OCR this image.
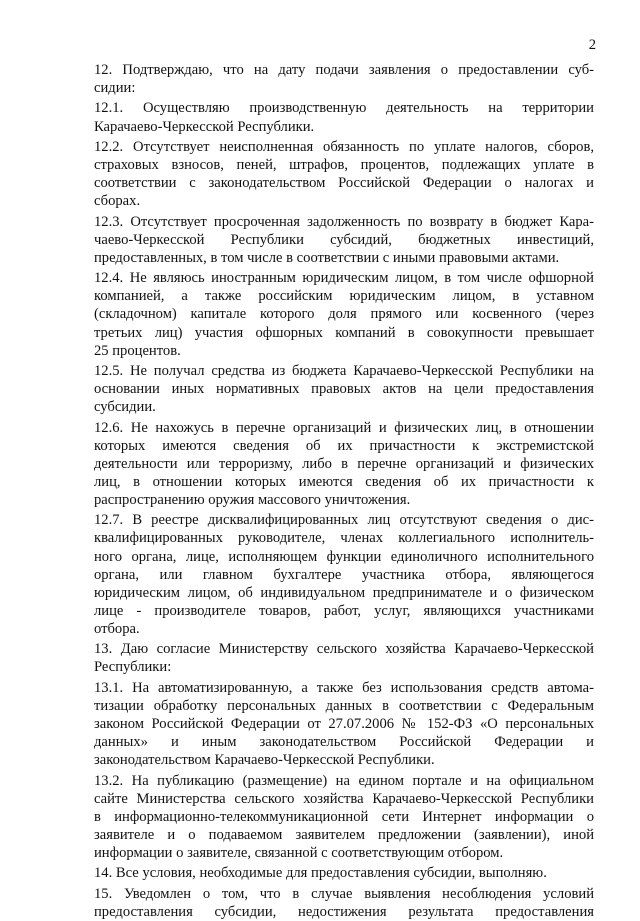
2
12. Подтверждаю, что на дату подачи заявления о предоставлении суб-
сидии:
12.1. Осуществляю производственную деятельность на территории
Карачаево-Черкесской Республики.
12.2. Отсутствует неисполненная обязанность по уплате налогов, сборов,
страховых взносов, пеней, штрафов, процентов, подлежащих уплате в
соответствии с законодательством Российской Федерации о налогах и
сборах.
12.3. Отсутствует просроченная задолженность по возврату в бюджет Кара-
чаево-Черкесской Республики субсидий, бюджетных инвестиций,
предоставленных, в том числе в соответствии с иными правовыми актами.
12.4. Не являюсь иностранным юридическим лицом, в том числе офшорной
компанией, а также российским юридическим лицом, в уставном
(складочном) капитале которого доля прямого или косвенного (через
третьих лиц) участия офшорных компаний в совокупности превышает
25 процентов.
12.5. Не получал средства из бюджета Карачаево-Черкесской Республики на
основании иных нормативных правовых актов на цели предоставления
субсидии.
12.6. Не нахожусь в перечне организаций и физических лиц, в отношении
которых имеются сведения об их причастности к экстремистской
деятельности или терроризму, либо в перечне организаций и физических
лиц, в отношении которых имеются сведения об их причастности к
распространению оружия массового уничтожения.
12.7. В реестре дисквалифицированных лиц отсутствуют сведения о дис-
квалифицированных руководителе, членах коллегиального исполнитель-
ного органа, лице, исполняющем функции единоличного исполнительного
органа, или главном бухгалтере участника отбора, являющегося
юридическим лицом, об индивидуальном предпринимателе и о физическом
лице - производителе товаров, работ, услуг, являющихся участниками
отбора.
13. Даю согласие Министерству сельского хозяйства Карачаево-Черкесской
Республики:
13.1. На автоматизированную, а также без использования средств автома-
тизации обработку персональных данных в соответствии с Федеральным
законом Российской Федерации от 27.07.2006 № 152-ФЗ «О персональных
данных» и иным законодательством Российской Федерации и
законодательством Карачаево-Черкесской Республики.
13.2. На публикацию (размещение) на едином портале и на официальном
сайте Министерства сельского хозяйства Карачаево-Черкесской Республики
в информационно-телекоммуникационной сети Интернет информации о
заявителе и о подаваемом заявителем предложении (заявлении), иной
информации о заявителе, связанной с соответствующим отбором.
14. Все условия, необходимые для предоставления субсидии, выполняю.
15. Уведомлен о том, что в случае выявления несоблюдения условий
предоставления субсидии, недостижения результата предоставления
